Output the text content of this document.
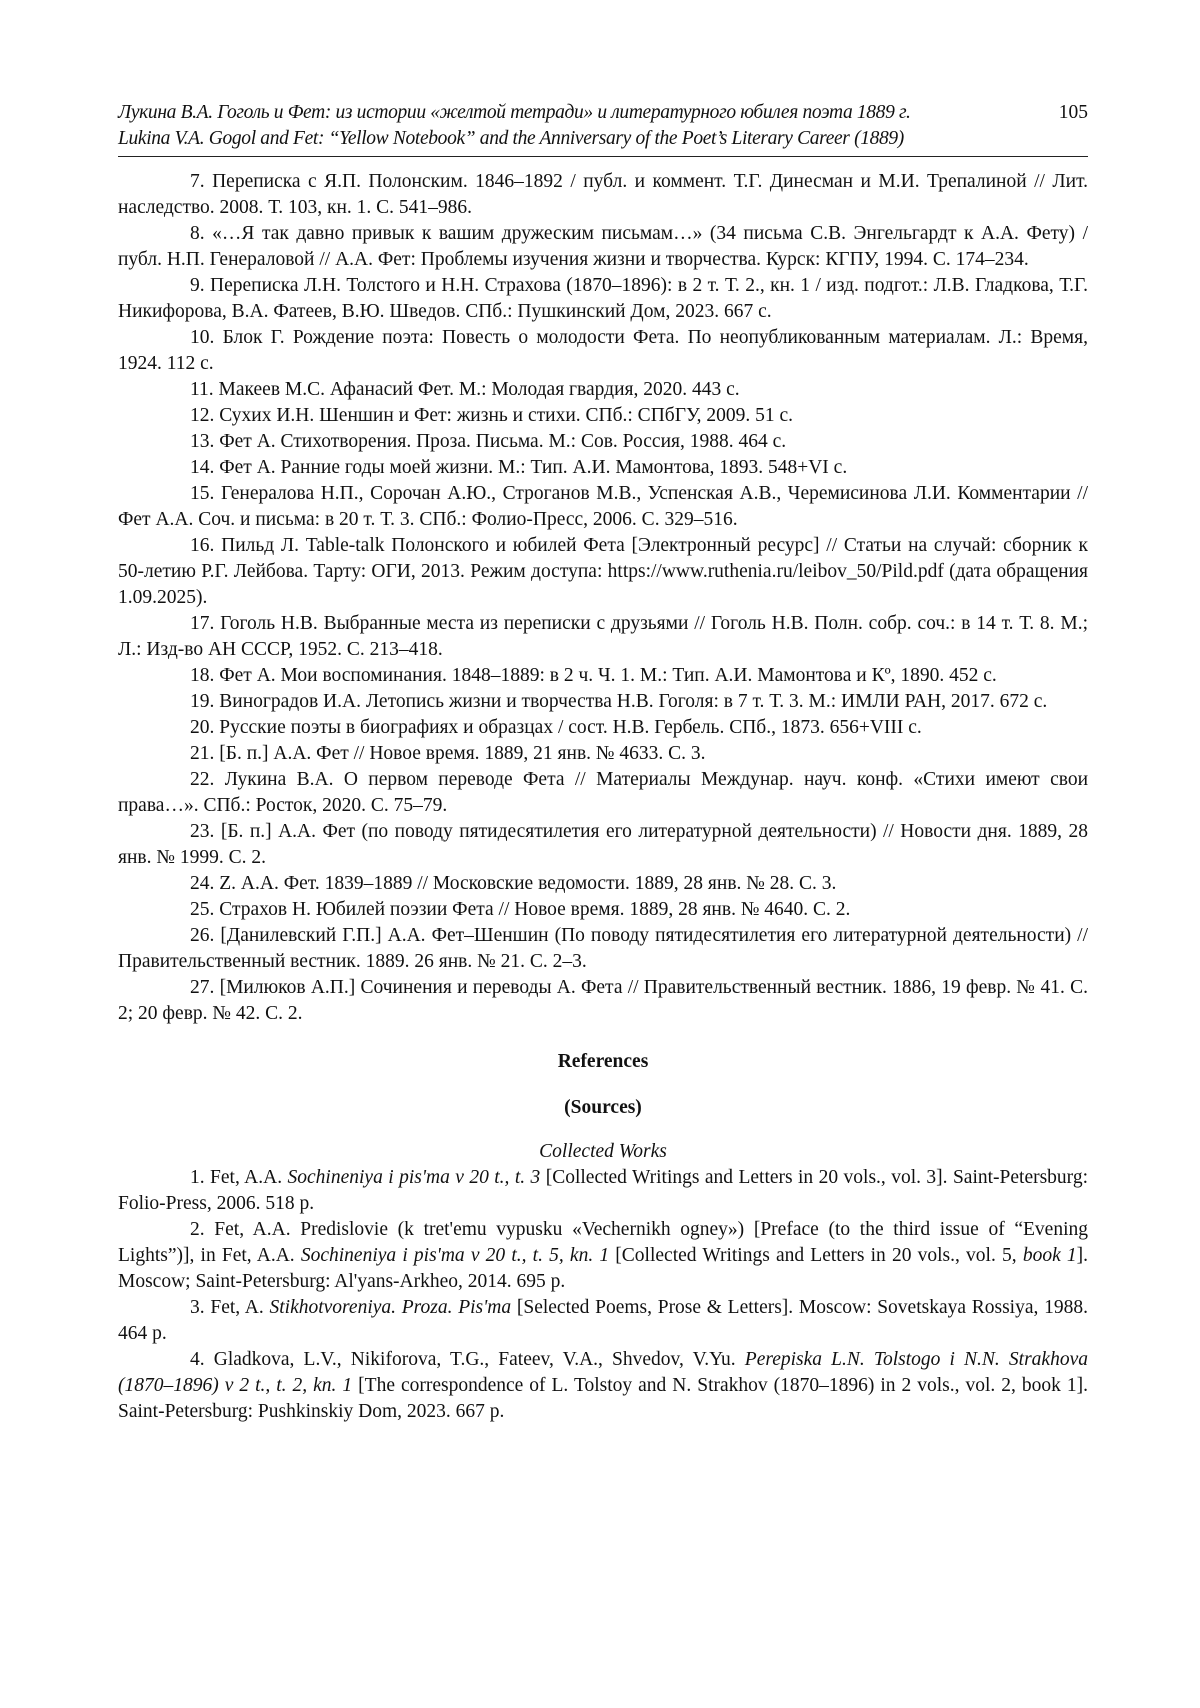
Лукина В.А. Гоголь и Фет: из истории «желтой тетради» и литературного юбилея поэта 1889 г.
Lukina V.A. Gogol and Fet: “Yellow Notebook” and the Anniversary of the Poet’s Literary Career (1889)
105

7. Переписка с Я.П. Полонским. 1846–1892 / публ. и коммент. Т.Г. Динесман и М.И. Трепалиной // Лит. наследство. 2008. Т. 103, кн. 1. С. 541–986.

8. «…Я так давно привык к вашим дружеским письмам…» (34 письма С.В. Энгельгардт к А.А. Фету) / публ. Н.П. Генераловой // А.А. Фет: Проблемы изучения жизни и творчества. Курск: КГПУ, 1994. С. 174–234.

9. Переписка Л.Н. Толстого и Н.Н. Страхова (1870–1896): в 2 т. Т. 2., кн. 1 / изд. подгот.: Л.В. Гладкова, Т.Г. Никифорова, В.А. Фатеев, В.Ю. Шведов. СПб.: Пушкинский Дом, 2023. 667 с.

10. Блок Г. Рождение поэта: Повесть о молодости Фета. По неопубликованным материалам. Л.: Время, 1924. 112 с.

11. Макеев М.С. Афанасий Фет. М.: Молодая гвардия, 2020. 443 с.

12. Сухих И.Н. Шеншин и Фет: жизнь и стихи. СПб.: СПбГУ, 2009. 51 с.

13. Фет А. Стихотворения. Проза. Письма. М.: Сов. Россия, 1988. 464 с.

14. Фет А. Ранние годы моей жизни. М.: Тип. А.И. Мамонтова, 1893. 548+VI с.

15. Генералова Н.П., Сорочан А.Ю., Строганов М.В., Успенская А.В., Черемисинова Л.И. Комментарии // Фет А.А. Соч. и письма: в 20 т. Т. 3. СПб.: Фолио-Пресс, 2006. С. 329–516.

16. Пильд Л. Table-talk Полонского и юбилей Фета [Электронный ресурс] // Статьи на случай: сборник к 50-летию Р.Г. Лейбова. Тарту: ОГИ, 2013. Режим доступа: https://www.ruthenia.ru/leibov_50/Pild.pdf (дата обращения 1.09.2025).

17. Гоголь Н.В. Выбранные места из переписки с друзьями // Гоголь Н.В. Полн. собр. соч.: в 14 т. Т. 8. М.; Л.: Изд-во АН СССР, 1952. С. 213–418.

18. Фет А. Мои воспоминания. 1848–1889: в 2 ч. Ч. 1. М.: Тип. А.И. Мамонтова и Кº, 1890. 452 с.

19. Виноградов И.А. Летопись жизни и творчества Н.В. Гоголя: в 7 т. Т. 3. М.: ИМЛИ РАН, 2017. 672 с.

20. Русские поэты в биографиях и образцах / сост. Н.В. Гербель. СПб., 1873. 656+VIII с.

21. [Б. п.] А.А. Фет // Новое время. 1889, 21 янв. № 4633. С. 3.

22. Лукина В.А. О первом переводе Фета // Материалы Междунар. науч. конф. «Стихи имеют свои права…». СПб.: Росток, 2020. С. 75–79.

23. [Б. п.] А.А. Фет (по поводу пятидесятилетия его литературной деятельности) // Новости дня. 1889, 28 янв. № 1999. С. 2.

24. Z. А.А. Фет. 1839–1889 // Московские ведомости. 1889, 28 янв. № 28. С. 3.

25. Страхов Н. Юбилей поэзии Фета // Новое время. 1889, 28 янв. № 4640. С. 2.

26. [Данилевский Г.П.] А.А. Фет–Шеншин (По поводу пятидесятилетия его литературной деятельности) // Правительственный вестник. 1889. 26 янв. № 21. С. 2–3.

27. [Милюков А.П.] Сочинения и переводы А. Фета // Правительственный вестник. 1886, 19 февр. № 41. С. 2; 20 февр. № 42. С. 2.

References

(Sources)

Collected Works

1. Fet, A.A. Sochineniya i pis'ma v 20 t., t. 3 [Collected Writings and Letters in 20 vols., vol. 3]. Saint-Petersburg: Folio-Press, 2006. 518 p.

2. Fet, A.A. Predislovie (k tret'emu vypusku «Vechernikh ogney») [Preface (to the third issue of “Evening Lights”)], in Fet, A.A. Sochineniya i pis'ma v 20 t., t. 5, kn. 1 [Collected Writings and Letters in 20 vols., vol. 5, book 1]. Moscow; Saint-Petersburg: Al'yans-Arkheo, 2014. 695 p.

3. Fet, A. Stikhotvoreniya. Proza. Pis'ma [Selected Poems, Prose & Letters]. Moscow: Sovetskaya Rossiya, 1988. 464 p.

4. Gladkova, L.V., Nikiforova, T.G., Fateev, V.A., Shvedov, V.Yu. Perepiska L.N. Tolstogo i N.N. Strakhova (1870–1896) v 2 t., t. 2, kn. 1 [The correspondence of L. Tolstoy and N. Strakhov (1870–1896) in 2 vols., vol. 2, book 1]. Saint-Petersburg: Pushkinskiy Dom, 2023. 667 p.
